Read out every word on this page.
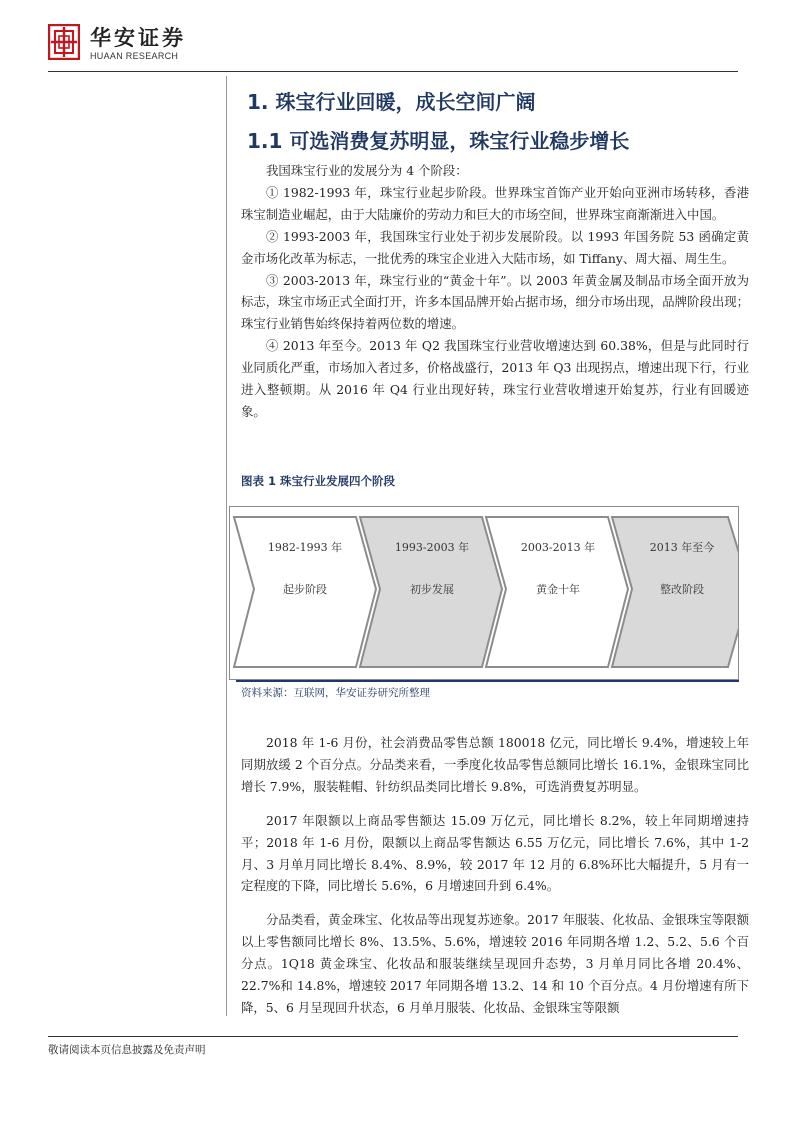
华安证券
HUAAN RESEARCH
1. 珠宝行业回暖，成长空间广阔
1.1 可选消费复苏明显，珠宝行业稳步增长

我国珠宝行业的发展分为 4 个阶段：

① 1982-1993 年，珠宝行业起步阶段。世界珠宝首饰产业开始向亚洲市场转移，香港珠宝制造业崛起，由于大陆廉价的劳动力和巨大的市场空间，世界珠宝商渐渐进入中国。

② 1993-2003 年，我国珠宝行业处于初步发展阶段。以 1993 年国务院 53 函确定黄金市场化改革为标志，一批优秀的珠宝企业进入大陆市场，如 Tiffany、周大福、周生生。

③ 2003-2013 年，珠宝行业的“黄金十年”。以 2003 年黄金属及制品市场全面开放为标志，珠宝市场正式全面打开，许多本国品牌开始占据市场，细分市场出现，品牌阶段出现；珠宝行业销售始终保持着两位数的增速。

④ 2013 年至今。2013 年 Q2 我国珠宝行业营收增速达到 60.38%，但是与此同时行业同质化严重，市场加入者过多，价格战盛行，2013 年 Q3 出现拐点，增速出现下行，行业进入整顿期。从 2016 年 Q4 行业出现好转，珠宝行业营收增速开始复苏，行业有回暖迹象。

图表 1 珠宝行业发展四个阶段
1982-1993 年
起步阶段
1993-2003 年
初步发展
2003-2013 年
黄金十年
2013 年至今
整改阶段
资料来源：互联网，华安证券研究所整理

2018 年 1-6 月份，社会消费品零售总额 180018 亿元，同比增长 9.4%，增速较上年同期放缓 2 个百分点。分品类来看，一季度化妆品零售总额同比增长 16.1%，金银珠宝同比增长 7.9%，服装鞋帽、针纺织品类同比增长 9.8%，可选消费复苏明显。

2017 年限额以上商品零售额达 15.09 万亿元，同比增长 8.2%，较上年同期增速持平；2018 年 1-6 月份，限额以上商品零售额达 6.55 万亿元，同比增长 7.6%，其中 1-2 月、3 月单月同比增长 8.4%、8.9%，较 2017 年 12 月的 6.8%环比大幅提升，5 月有一定程度的下降，同比增长 5.6%，6 月增速回升到 6.4%。

分品类看，黄金珠宝、化妆品等出现复苏迹象。2017 年服装、化妆品、金银珠宝等限额以上零售额同比增长 8%、13.5%、5.6%，增速较 2016 年同期各增 1.2、5.2、5.6 个百分点。1Q18 黄金珠宝、化妆品和服装继续呈现回升态势，3 月单月同比各增 20.4%、22.7%和 14.8%，增速较 2017 年同期各增 13.2、14 和 10 个百分点。4 月份增速有所下降，5、6 月呈现回升状态，6 月单月服装、化妆品、金银珠宝等限额

敬请阅读本页信息披露及免责声明
